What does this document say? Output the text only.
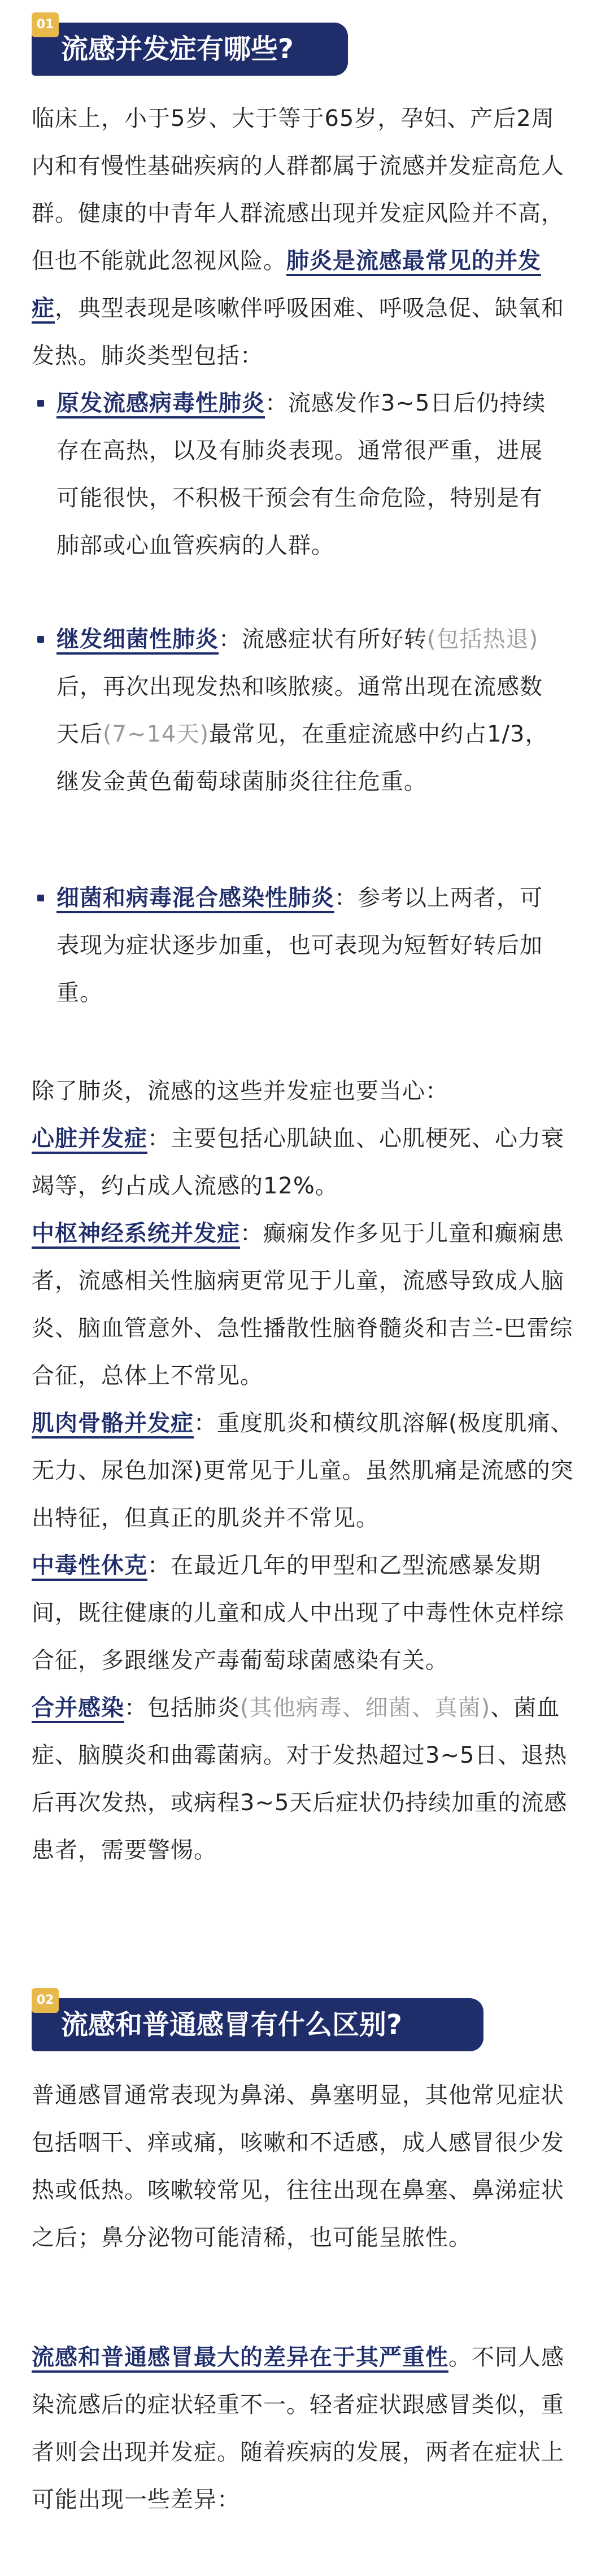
流感并发症有哪些?
01

临床上，小于5岁、大于等于65岁，孕妇、产后2周内和有慢性基础疾病的人群都属于流感并发症高危人群。健康的中青年人群流感出现并发症风险并不高，但也不能就此忽视风险。肺炎是流感最常见的并发症，典型表现是咳嗽伴呼吸困难、呼吸急促、缺氧和发热。肺炎类型包括：

原发流感病毒性肺炎：流感发作3~5日后仍持续存在高热，以及有肺炎表现。通常很严重，进展可能很快，不积极干预会有生命危险，特别是有肺部或心血管疾病的人群。

继发细菌性肺炎：流感症状有所好转(包括热退)后，再次出现发热和咳脓痰。通常出现在流感数天后(7~14天)最常见，在重症流感中约占1/3，继发金黄色葡萄球菌肺炎往往危重。

细菌和病毒混合感染性肺炎：参考以上两者，可表现为症状逐步加重，也可表现为短暂好转后加重。

除了肺炎，流感的这些并发症也要当心：

心脏并发症：主要包括心肌缺血、心肌梗死、心力衰竭等，约占成人流感的12%。

中枢神经系统并发症：癫痫发作多见于儿童和癫痫患者，流感相关性脑病更常见于儿童，流感导致成人脑炎、脑血管意外、急性播散性脑脊髓炎和吉兰-巴雷综合征，总体上不常见。

肌肉骨骼并发症：重度肌炎和横纹肌溶解(极度肌痛、无力、尿色加深)更常见于儿童。虽然肌痛是流感的突出特征，但真正的肌炎并不常见。

中毒性休克：在最近几年的甲型和乙型流感暴发期间，既往健康的儿童和成人中出现了中毒性休克样综合征，多跟继发产毒葡萄球菌感染有关。

合并感染：包括肺炎(其他病毒、细菌、真菌)、菌血症、脑膜炎和曲霉菌病。对于发热超过3~5日、退热后再次发热，或病程3~5天后症状仍持续加重的流感患者，需要警惕。

流感和普通感冒有什么区别?
02

普通感冒通常表现为鼻涕、鼻塞明显，其他常见症状包括咽干、痒或痛，咳嗽和不适感，成人感冒很少发热或低热。咳嗽较常见，往往出现在鼻塞、鼻涕症状之后；鼻分泌物可能清稀，也可能呈脓性。

流感和普通感冒最大的差异在于其严重性。不同人感染流感后的症状轻重不一。轻者症状跟感冒类似，重者则会出现并发症。随着疾病的发展，两者在症状上可能出现一些差异：
